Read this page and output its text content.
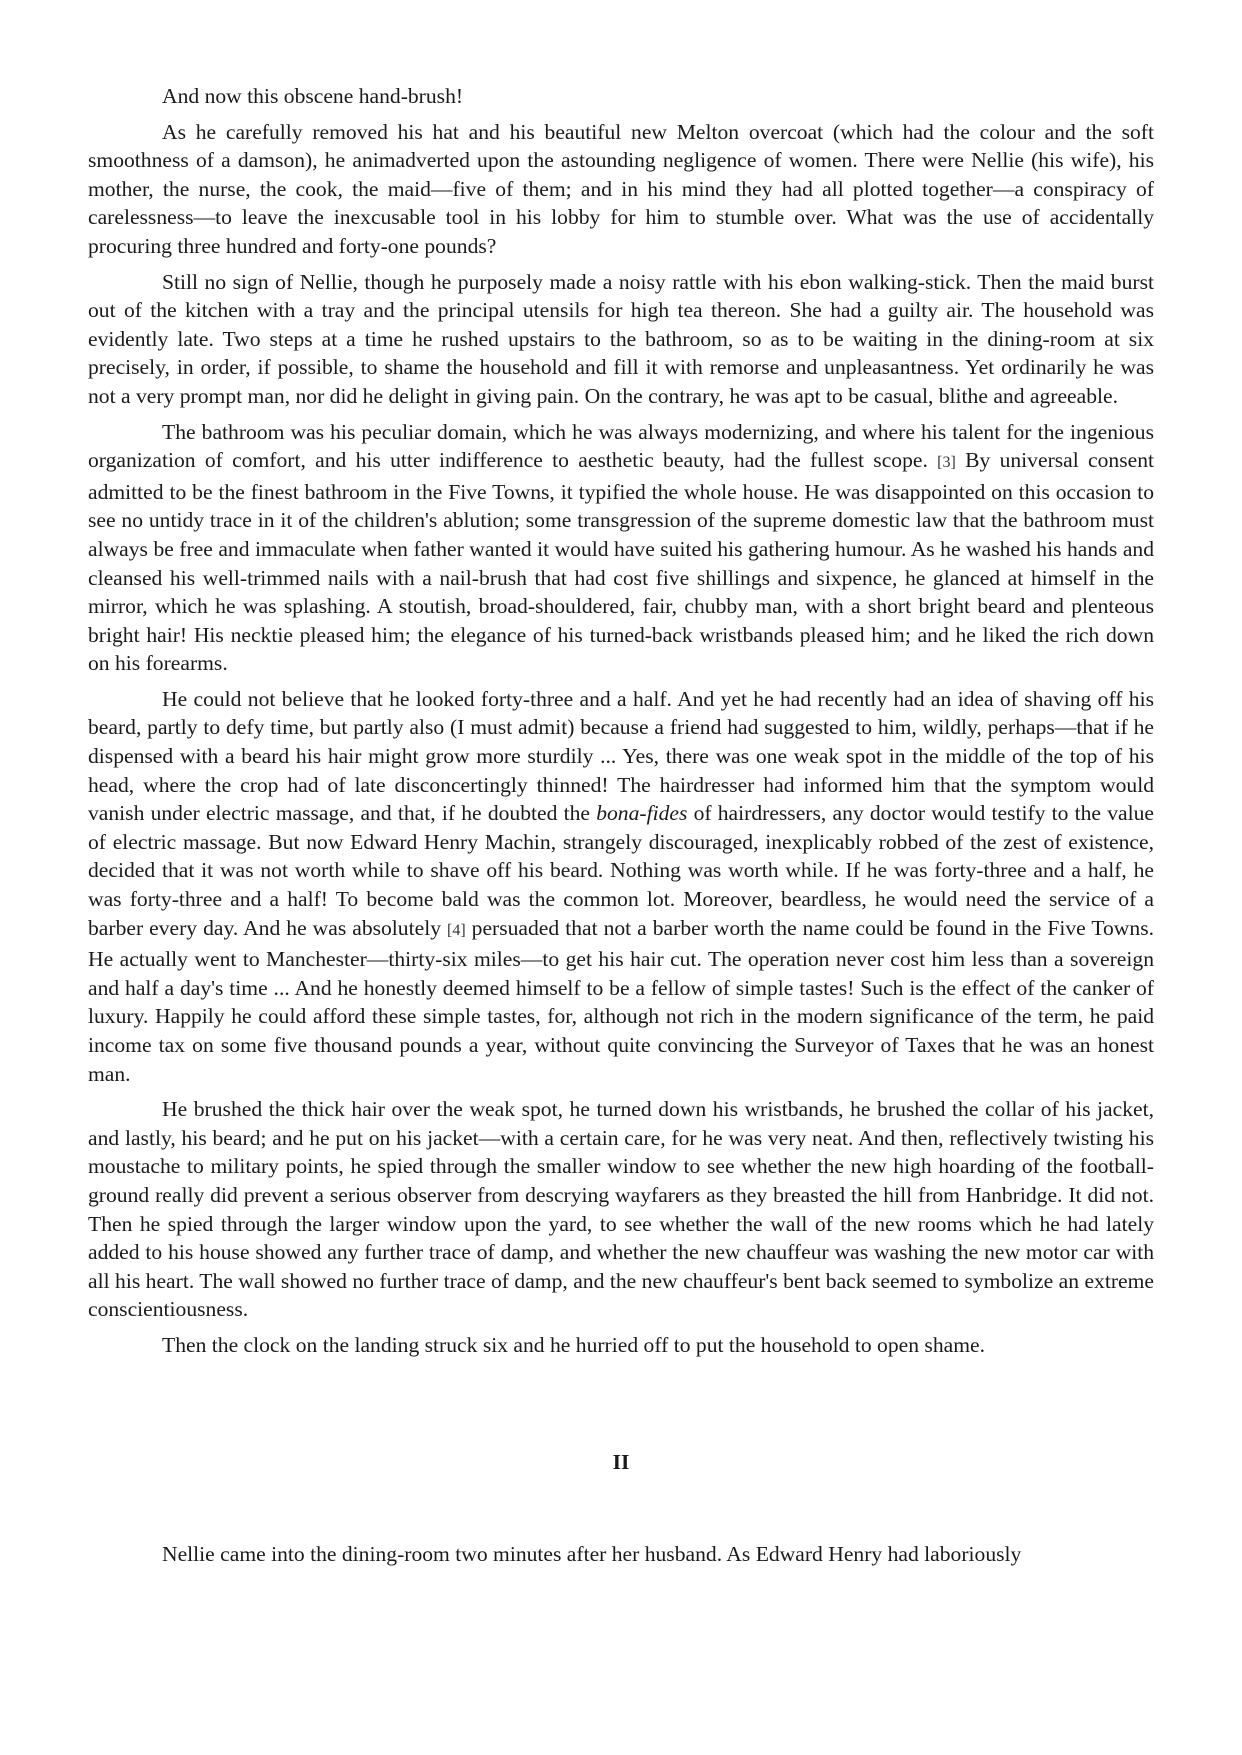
And now this obscene hand-brush!

As he carefully removed his hat and his beautiful new Melton overcoat (which had the colour and the soft smoothness of a damson), he animadverted upon the astounding negligence of women. There were Nellie (his wife), his mother, the nurse, the cook, the maid—five of them; and in his mind they had all plotted together—a conspiracy of carelessness—to leave the inexcusable tool in his lobby for him to stumble over. What was the use of accidentally procuring three hundred and forty-one pounds?

Still no sign of Nellie, though he purposely made a noisy rattle with his ebon walking-stick. Then the maid burst out of the kitchen with a tray and the principal utensils for high tea thereon. She had a guilty air. The household was evidently late. Two steps at a time he rushed upstairs to the bathroom, so as to be waiting in the dining-room at six precisely, in order, if possible, to shame the household and fill it with remorse and unpleasantness. Yet ordinarily he was not a very prompt man, nor did he delight in giving pain. On the contrary, he was apt to be casual, blithe and agreeable.

The bathroom was his peculiar domain, which he was always modernizing, and where his talent for the ingenious organization of comfort, and his utter indifference to aesthetic beauty, had the fullest scope. [3] By universal consent admitted to be the finest bathroom in the Five Towns, it typified the whole house. He was disappointed on this occasion to see no untidy trace in it of the children's ablution; some transgression of the supreme domestic law that the bathroom must always be free and immaculate when father wanted it would have suited his gathering humour. As he washed his hands and cleansed his well-trimmed nails with a nail-brush that had cost five shillings and sixpence, he glanced at himself in the mirror, which he was splashing. A stoutish, broad-shouldered, fair, chubby man, with a short bright beard and plenteous bright hair! His necktie pleased him; the elegance of his turned-back wristbands pleased him; and he liked the rich down on his forearms.

He could not believe that he looked forty-three and a half. And yet he had recently had an idea of shaving off his beard, partly to defy time, but partly also (I must admit) because a friend had suggested to him, wildly, perhaps—that if he dispensed with a beard his hair might grow more sturdily ... Yes, there was one weak spot in the middle of the top of his head, where the crop had of late disconcertingly thinned! The hairdresser had informed him that the symptom would vanish under electric massage, and that, if he doubted the bona-fides of hairdressers, any doctor would testify to the value of electric massage. But now Edward Henry Machin, strangely discouraged, inexplicably robbed of the zest of existence, decided that it was not worth while to shave off his beard. Nothing was worth while. If he was forty-three and a half, he was forty-three and a half! To become bald was the common lot. Moreover, beardless, he would need the service of a barber every day. And he was absolutely [4] persuaded that not a barber worth the name could be found in the Five Towns. He actually went to Manchester—thirty-six miles—to get his hair cut. The operation never cost him less than a sovereign and half a day's time ... And he honestly deemed himself to be a fellow of simple tastes! Such is the effect of the canker of luxury. Happily he could afford these simple tastes, for, although not rich in the modern significance of the term, he paid income tax on some five thousand pounds a year, without quite convincing the Surveyor of Taxes that he was an honest man.

He brushed the thick hair over the weak spot, he turned down his wristbands, he brushed the collar of his jacket, and lastly, his beard; and he put on his jacket—with a certain care, for he was very neat. And then, reflectively twisting his moustache to military points, he spied through the smaller window to see whether the new high hoarding of the football-ground really did prevent a serious observer from descrying wayfarers as they breasted the hill from Hanbridge. It did not. Then he spied through the larger window upon the yard, to see whether the wall of the new rooms which he had lately added to his house showed any further trace of damp, and whether the new chauffeur was washing the new motor car with all his heart. The wall showed no further trace of damp, and the new chauffeur's bent back seemed to symbolize an extreme conscientiousness.

Then the clock on the landing struck six and he hurried off to put the household to open shame.

II

Nellie came into the dining-room two minutes after her husband. As Edward Henry had laboriously
